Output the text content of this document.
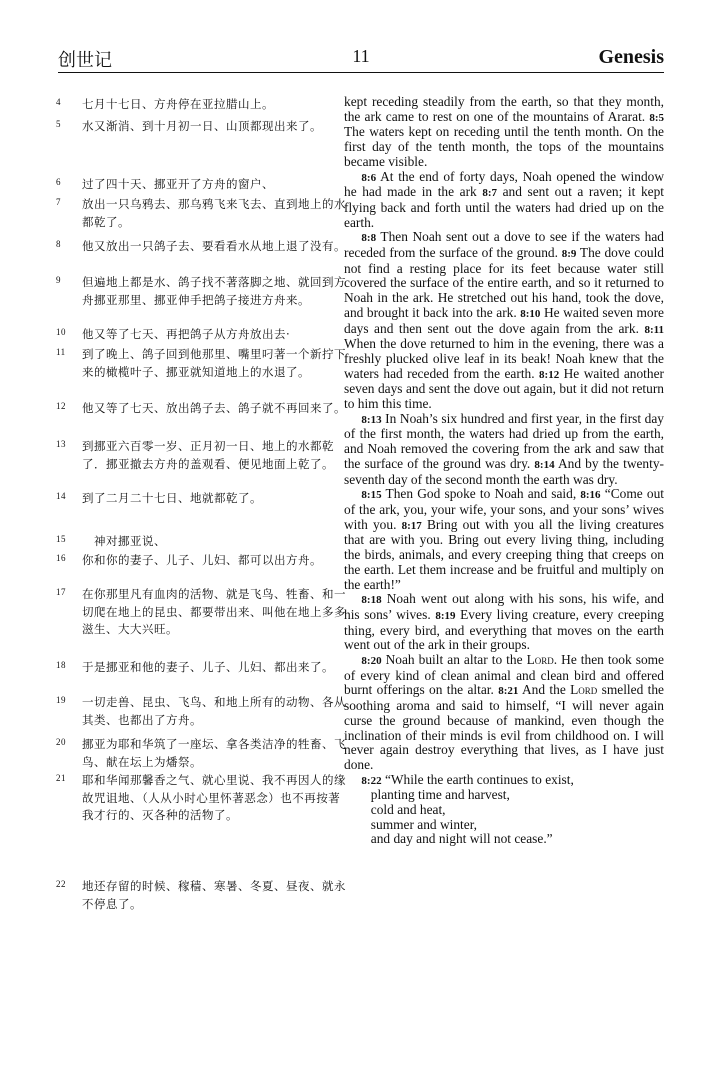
创世记	11	Genesis
4 七月十七日、方舟停在亚拉腊山上。
5 水又渐消、到十月初一日、山顶都现出来了。
6 过了四十天、挪亚开了方舟的窗户、
7 放出一只乌鸦去、那乌鸦飞来飞去、直到地上的水都乾了。
8 他又放出一只鸽子去、要看看水从地上退了没有。
9 但遍地上都是水、鸽子找不著落脚之地、就回到方舟挪亚那里、挪亚伸手把鸽子接进方舟来。
10 他又等了七天、再把鸽子从方舟放出去·
11 到了晚上、鸽子回到他那里、嘴里叼著一个新拧下来的橄榄叶子、挪亚就知道地上的水退了。
12 他又等了七天、放出鸽子去、鸽子就不再回来了。
13 到挪亚六百零一岁、正月初一日、地上的水都乾了．挪亚撤去方舟的盖观看、便见地面上乾了。
14 到了二月二十七日、地就都乾了。
15 神对挪亚说、
16 你和你的妻子、儿子、儿妇、都可以出方舟。
17 在你那里凡有血肉的活物、就是飞鸟、牲畜、和一切爬在地上的昆虫、都要带出来、叫他在地上多多滋生、大大兴旺。
18 于是挪亚和他的妻子、儿子、儿妇、都出来了。
19 一切走兽、昆虫、飞鸟、和地上所有的动物、各从其类、也都出了方舟。
20 挪亚为耶和华筑了一座坛、拿各类洁净的牲畜、飞鸟、献在坛上为燔祭。
21 耶和华闻那馨香之气、就心里说、我不再因人的缘故咒诅地、（人从小时心里怀著恶念）也不再按著我才行的、灭各种的活物了。
22 地还存留的时候、稼穑、寒暑、冬夏、昼夜、就永不停息了。

kept receding steadily from the earth, so that they month, the ark came to rest on one of the mountains of Ararat. 8:5 The waters kept on receding until the tenth month. On the first day of the tenth month, the tops of the mountains became visible.

8:6 At the end of forty days, Noah opened the window he had made in the ark 8:7 and sent out a raven; it kept flying back and forth until the waters had dried up on the earth.

8:8 Then Noah sent out a dove to see if the waters had receded from the surface of the ground. 8:9 The dove could not find a resting place for its feet because water still covered the surface of the entire earth, and so it returned to Noah in the ark. He stretched out his hand, took the dove, and brought it back into the ark. 8:10 He waited seven more days and then sent out the dove again from the ark. 8:11 When the dove returned to him in the evening, there was a freshly plucked olive leaf in its beak! Noah knew that the waters had receded from the earth. 8:12 He waited another seven days and sent the dove out again, but it did not return to him this time.

8:13 In Noah’s six hundred and first year, in the first day of the first month, the waters had dried up from the earth, and Noah removed the covering from the ark and saw that the surface of the ground was dry. 8:14 And by the twenty-seventh day of the second month the earth was dry.

8:15 Then God spoke to Noah and said, 8:16 “Come out of the ark, you, your wife, your sons, and your sons’ wives with you. 8:17 Bring out with you all the living creatures that are with you. Bring out every living thing, including the birds, animals, and every creeping thing that creeps on the earth. Let them increase and be fruitful and multiply on the earth!”

8:18 Noah went out along with his sons, his wife, and his sons’ wives. 8:19 Every living creature, every creeping thing, every bird, and everything that moves on the earth went out of the ark in their groups.

8:20 Noah built an altar to the Lord. He then took some of every kind of clean animal and clean bird and offered burnt offerings on the altar. 8:21 And the Lord smelled the soothing aroma and said to himself, “I will never again curse the ground because of mankind, even though the inclination of their minds is evil from childhood on. I will never again destroy everything that lives, as I have just done.

8:22 “While the earth continues to exist,
planting time and harvest,
cold and heat,
summer and winter,
and day and night will not cease.”
